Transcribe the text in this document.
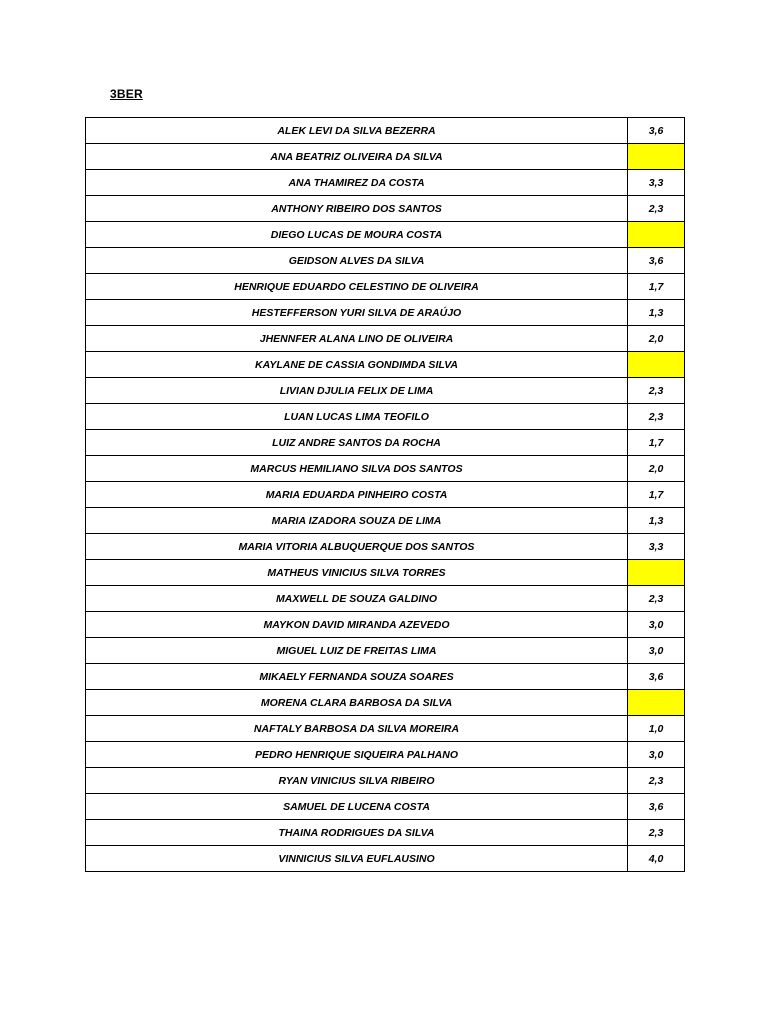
3BER
ALEK LEVI DA SILVA BEZERRA	3,6
ANA BEATRIZ OLIVEIRA DA SILVA	
ANA THAMIREZ DA COSTA	3,3
ANTHONY RIBEIRO DOS SANTOS	2,3
DIEGO LUCAS DE MOURA COSTA	
GEIDSON ALVES DA SILVA	3,6
HENRIQUE EDUARDO CELESTINO DE OLIVEIRA	1,7
HESTEFFERSON YURI SILVA DE ARAÚJO	1,3
JHENNFER ALANA LINO DE OLIVEIRA	2,0
KAYLANE DE CASSIA GONDIMDA SILVA	
LIVIAN DJULIA FELIX DE LIMA	2,3
LUAN LUCAS LIMA TEOFILO	2,3
LUIZ ANDRE SANTOS DA ROCHA	1,7
MARCUS HEMILIANO SILVA DOS SANTOS	2,0
MARIA EDUARDA PINHEIRO COSTA	1,7
MARIA IZADORA SOUZA DE LIMA	1,3
MARIA VITORIA ALBUQUERQUE DOS SANTOS	3,3
MATHEUS VINICIUS SILVA TORRES	
MAXWELL DE SOUZA GALDINO	2,3
MAYKON DAVID MIRANDA AZEVEDO	3,0
MIGUEL LUIZ DE FREITAS LIMA	3,0
MIKAELY FERNANDA SOUZA SOARES	3,6
MORENA CLARA BARBOSA DA SILVA	
NAFTALY BARBOSA DA SILVA MOREIRA	1,0
PEDRO HENRIQUE SIQUEIRA PALHANO	3,0
RYAN VINICIUS SILVA RIBEIRO	2,3
SAMUEL DE LUCENA COSTA	3,6
THAINA RODRIGUES DA SILVA	2,3
VINNICIUS SILVA EUFLAUSINO	4,0
